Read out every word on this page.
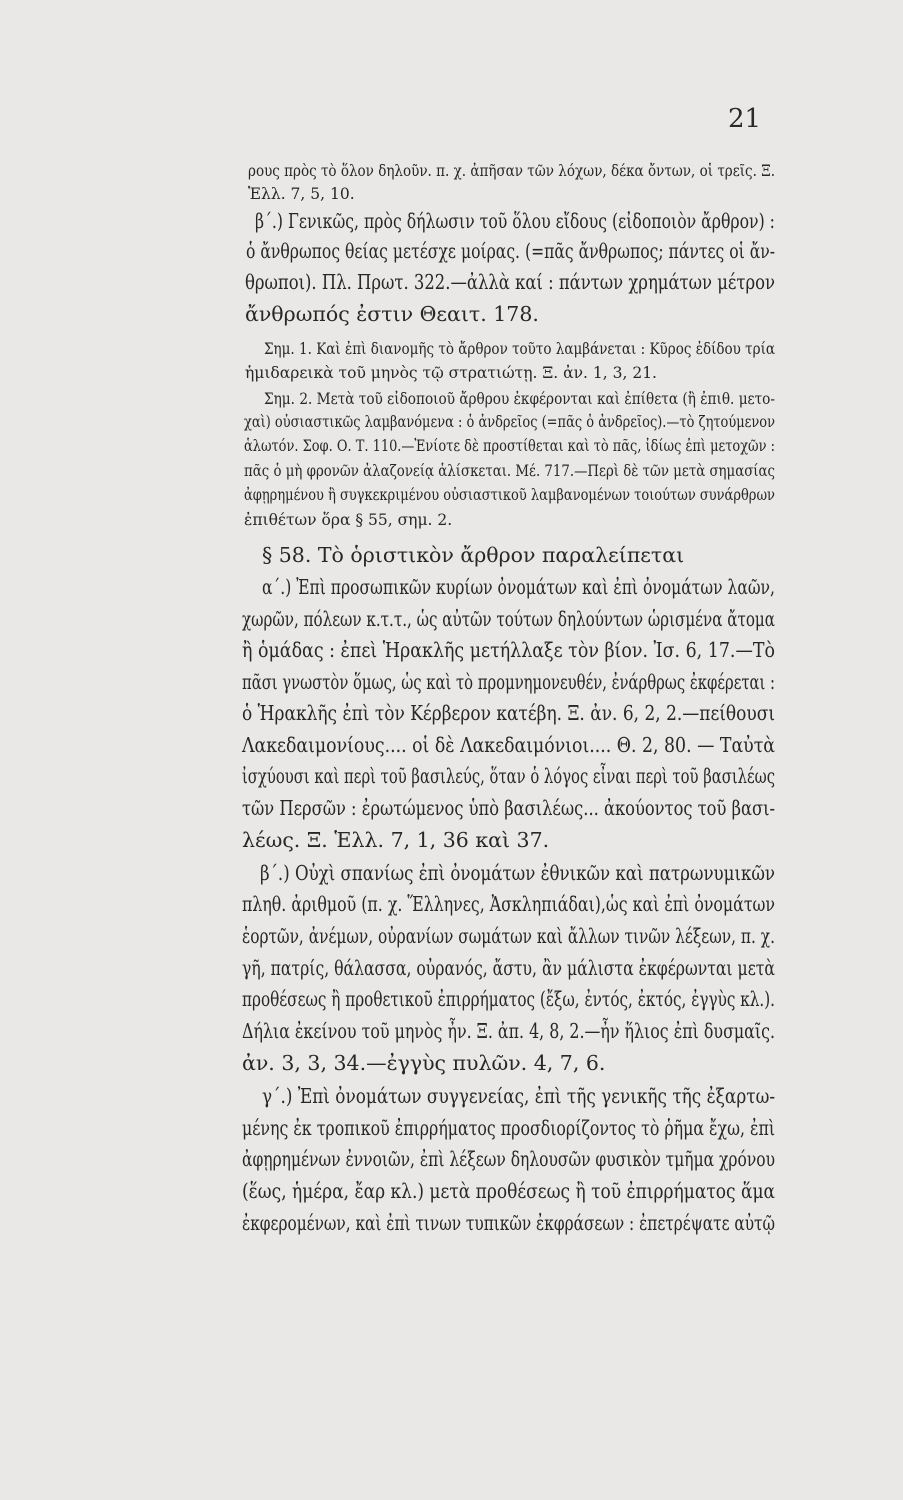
21
ρους πρὸς τὸ ὅλον δηλοῦν. π. χ. ἀπῆσαν τῶν λόχων, δέκα ὄντων, οἱ τρεῖς. Ξ.
Ἑλλ. 7, 5, 10.
β΄.) Γενικῶς, πρὸς δήλωσιν τοῦ ὅλου εἴδους (εἰδοποιὸν ἄρθρον) :
ὁ ἄνθρωπος θείας μετέσχε μοίρας. (=πᾶς ἄνθρωπος; πάντες οἱ ἄν-
θρωποι). Πλ. Πρωτ. 322.—ἀλλὰ καί : πάντων χρημάτων μέτρον
ἄνθρωπός ἐστιν Θεαιτ. 178.
Σημ. 1. Καὶ ἐπὶ διανομῆς τὸ ἄρθρον τοῦτο λαμβάνεται : Κῦρος ἐδίδου τρία
ἡμιδαρεικὰ τοῦ μηνὸς τῷ στρατιώτῃ. Ξ. ἀν. 1, 3, 21.
Σημ. 2. Μετὰ τοῦ εἰδοποιοῦ ἄρθρου ἐκφέρονται καὶ ἐπίθετα (ἢ ἐπιθ. μετο-
χαὶ) οὐσιαστικῶς λαμβανόμενα : ὁ ἀνδρεῖος (=πᾶς ὁ ἀνδρεῖος).—τὸ ζητούμενον
ἁλωτόν. Σοφ. Ο. Τ. 110.—Ἐνίοτε δὲ προστίθεται καὶ τὸ πᾶς, ἰδίως ἐπὶ μετοχῶν :
πᾶς ὁ μὴ φρονῶν ἀλαζονείᾳ ἁλίσκεται. Μέ. 717.—Περὶ δὲ τῶν μετὰ σημασίας
ἀφῃρημένου ἢ συγκεκριμένου οὐσιαστικοῦ λαμβανομένων τοιούτων συνάρθρων
ἐπιθέτων ὅρα § 55, σημ. 2.
§ 58. Τὸ ὁριστικὸν ἄρθρον παραλείπεται
α΄.) Ἐπὶ προσωπικῶν κυρίων ὀνομάτων καὶ ἐπὶ ὀνομάτων λαῶν,
χωρῶν, πόλεων κ.τ.τ., ὡς αὐτῶν τούτων δηλούντων ὡρισμένα ἄτομα
ἢ ὁμάδας : ἐπεὶ Ἡρακλῆς μετήλλαξε τὸν βίον. Ἰσ. 6, 17.—Τὸ
πᾶσι γνωστὸν ὅμως, ὡς καὶ τὸ προμνημονευθέν, ἐνάρθρως ἐκφέρεται :
ὁ Ἡρακλῆς ἐπὶ τὸν Κέρβερον κατέβη. Ξ. ἀν. 6, 2, 2.—πείθουσι
Λακεδαιμονίους.... οἱ δὲ Λακεδαιμόνιοι.... Θ. 2, 80. — Ταὐτὰ
ἰσχύουσι καὶ περὶ τοῦ βασιλεύς, ὅταν ὁ λόγος εἶναι περὶ τοῦ βασιλέως
τῶν Περσῶν : ἐρωτώμενος ὑπὸ βασιλέως... ἀκούοντος τοῦ βασι-
λέως. Ξ. Ἑλλ. 7, 1, 36 καὶ 37.
β΄.) Οὐχὶ σπανίως ἐπὶ ὀνομάτων ἐθνικῶν καὶ πατρωνυμικῶν
πληθ. ἀριθμοῦ (π. χ. Ἕλληνες, Ἀσκληπιάδαι),ὡς καὶ ἐπὶ ὀνομάτων
ἑορτῶν, ἀνέμων, οὐρανίων σωμάτων καὶ ἄλλων τινῶν λέξεων, π. χ.
γῆ, πατρίς, θάλασσα, οὐρανός, ἄστυ, ἂν μάλιστα ἐκφέρωνται μετὰ
προθέσεως ἢ προθετικοῦ ἐπιρρήματος (ἔξω, ἐντός, ἐκτός, ἐγγὺς κλ.).
Δήλια ἐκείνου τοῦ μηνὸς ἦν. Ξ. ἀπ. 4, 8, 2.—ἦν ἥλιος ἐπὶ δυσμαῖς.
ἀν. 3, 3, 34.—ἐγγὺς πυλῶν. 4, 7, 6.
γ΄.) Ἐπὶ ὀνομάτων συγγενείας, ἐπὶ τῆς γενικῆς τῆς ἐξαρτω-
μένης ἐκ τροπικοῦ ἐπιρρήματος προσδιορίζοντος τὸ ῥῆμα ἔχω, ἐπὶ
ἀφῃρημένων ἐννοιῶν, ἐπὶ λέξεων δηλουσῶν φυσικὸν τμῆμα χρόνου
(ἕως, ἡμέρα, ἔαρ κλ.) μετὰ προθέσεως ἢ τοῦ ἐπιρρήματος ἅμα
ἐκφερομένων, καὶ ἐπὶ τινων τυπικῶν ἐκφράσεων : ἐπετρέψατε αὐτῷ
